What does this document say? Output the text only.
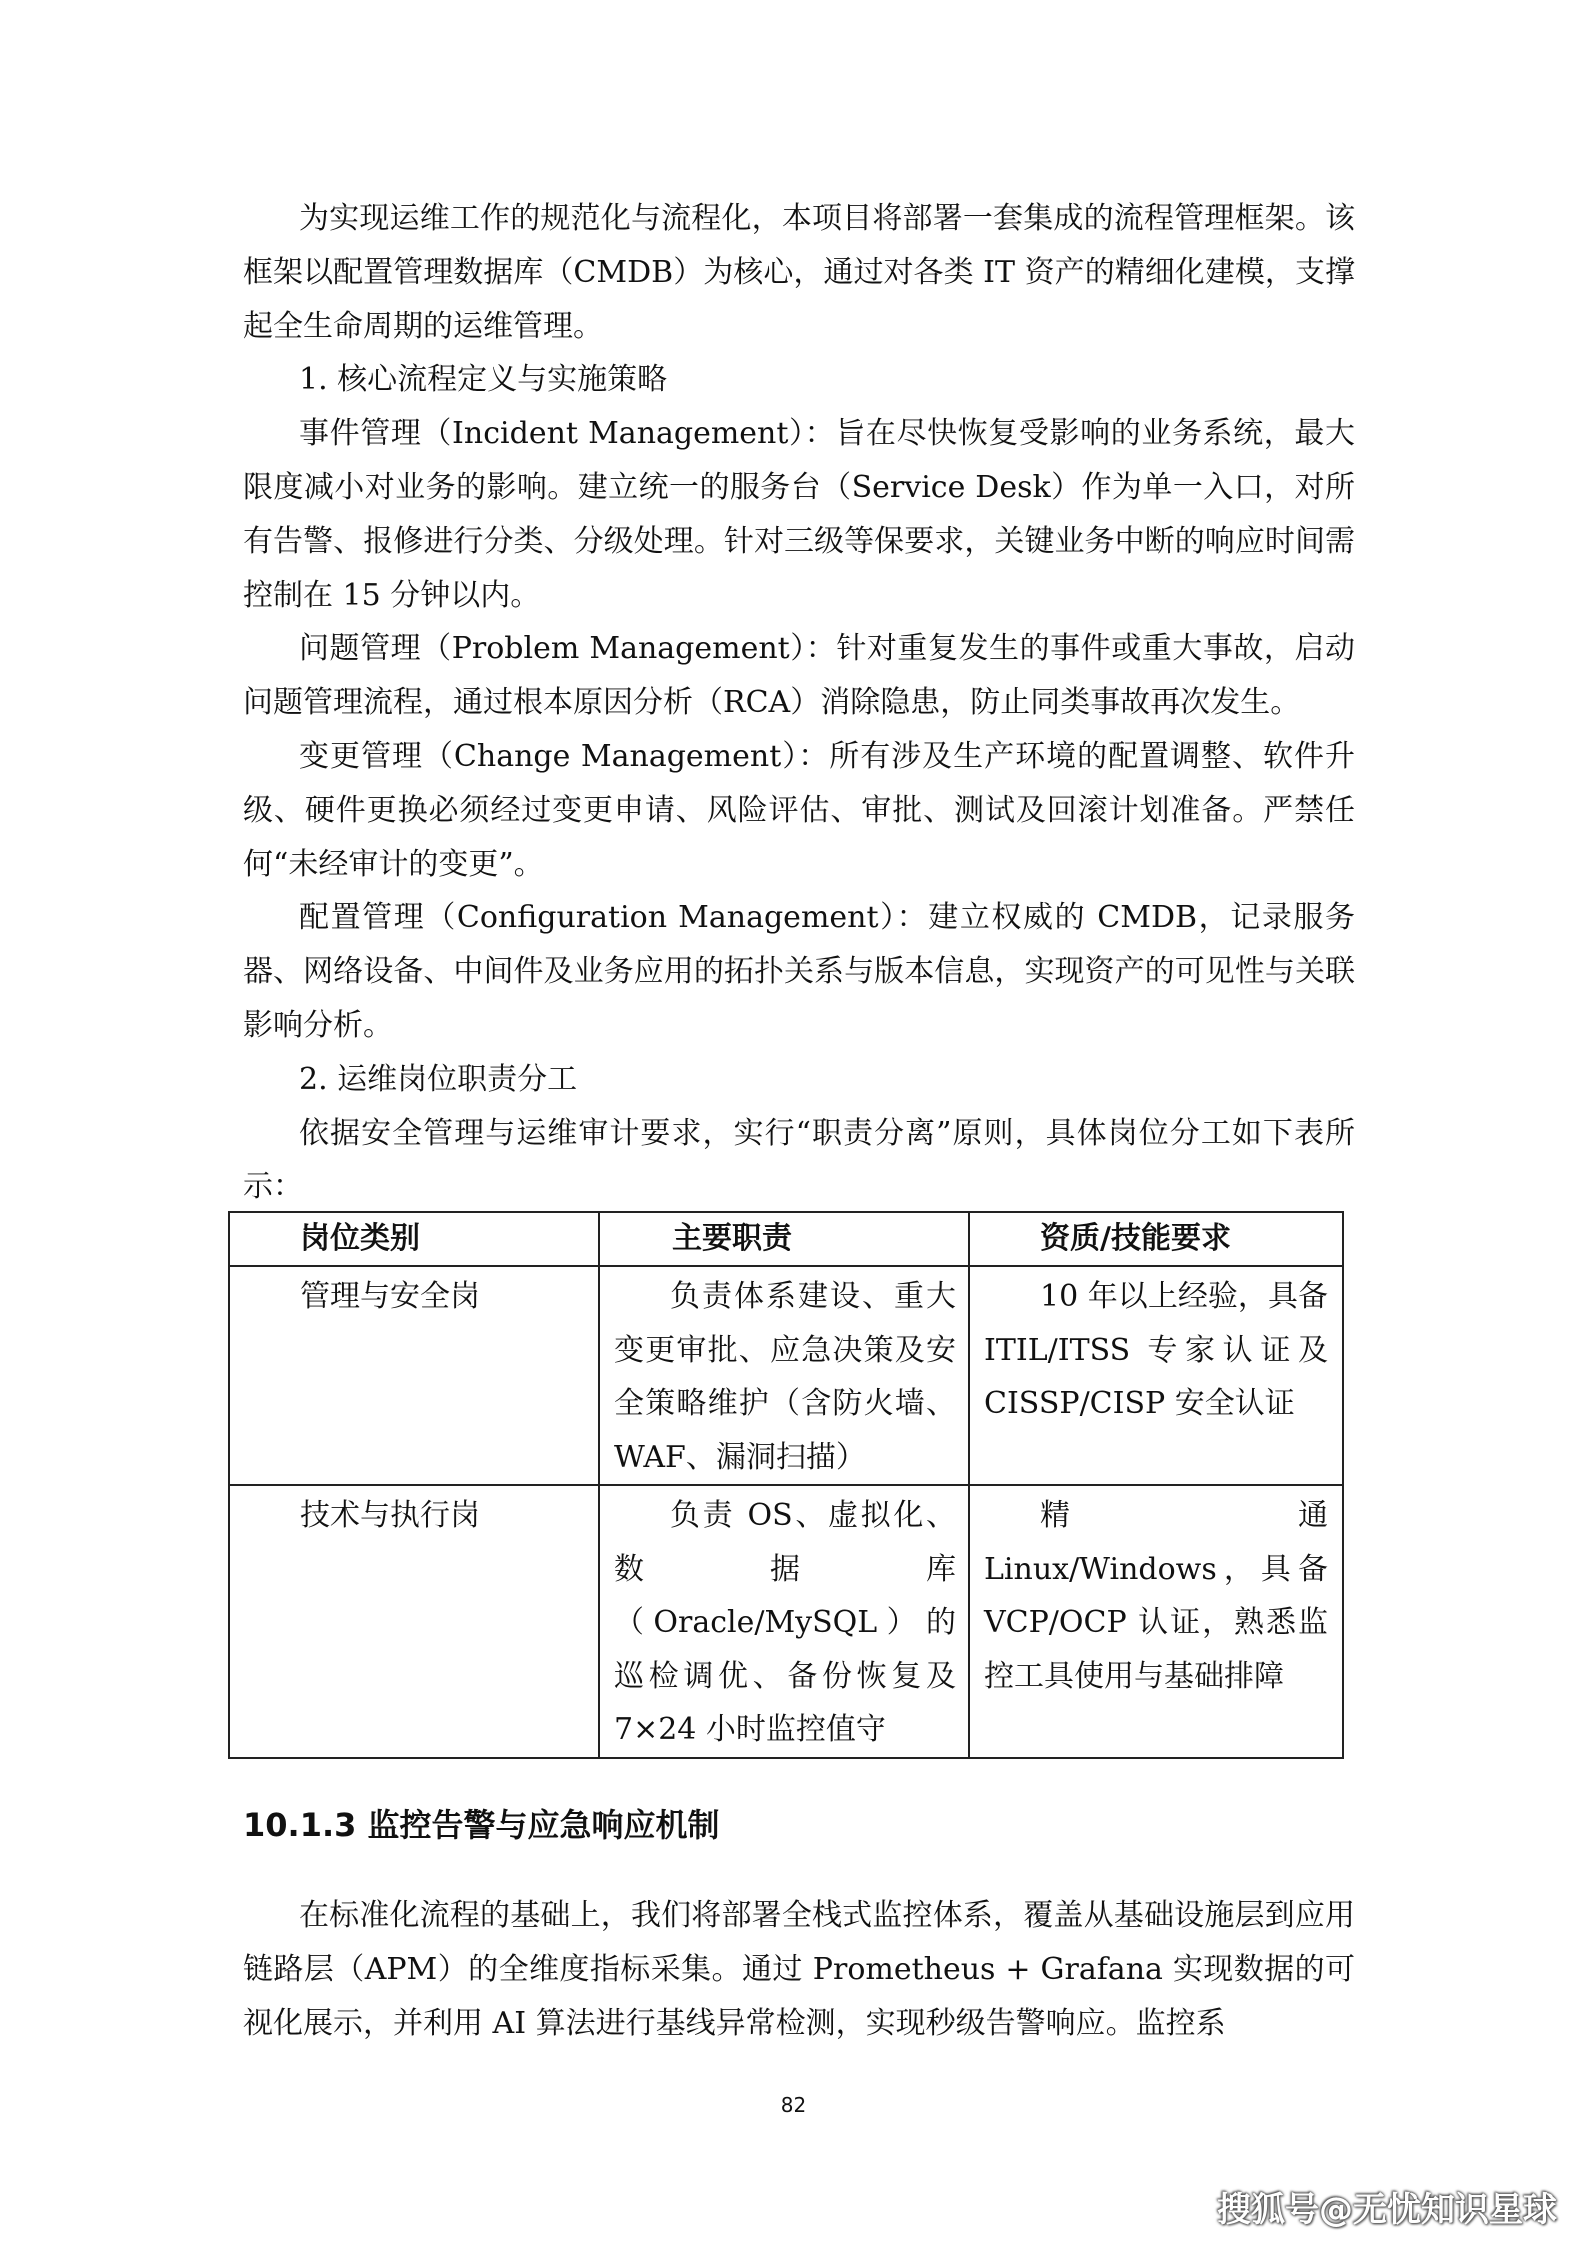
为实现运维工作的规范化与流程化，本项目将部署一套集成的流程管理框架。该框架以配置管理数据库（CMDB）为核心，通过对各类 IT 资产的精细化建模，支撑起全生命周期的运维管理。

1. 核心流程定义与实施策略

事件管理（Incident Management）：旨在尽快恢复受影响的业务系统，最大限度减小对业务的影响。建立统一的服务台（Service Desk）作为单一入口，对所有告警、报修进行分类、分级处理。针对三级等保要求，关键业务中断的响应时间需控制在 15 分钟以内。

问题管理（Problem Management）：针对重复发生的事件或重大事故，启动问题管理流程，通过根本原因分析（RCA）消除隐患，防止同类事故再次发生。

变更管理（Change Management）：所有涉及生产环境的配置调整、软件升级、硬件更换必须经过变更申请、风险评估、审批、测试及回滚计划准备。严禁任何“未经审计的变更”。

配置管理（Configuration Management）：建立权威的 CMDB，记录服务器、网络设备、中间件及业务应用的拓扑关系与版本信息，实现资产的可见性与关联影响分析。

2. 运维岗位职责分工

依据安全管理与运维审计要求，实行“职责分离”原则，具体岗位分工如下表所示：

岗位类别	主要职责	资质/技能要求
管理与安全岗	负责体系建设、重大变更审批、应急决策及安全策略维护（含防火墙、WAF、漏洞扫描）	10 年以上经验，具备 ITIL/ITSS 专家认证及 CISSP/CISP 安全认证
技术与执行岗	负责 OS、虚拟化、数据库（Oracle/MySQL）的巡检调优、备份恢复及 7×24 小时监控值守	精通 Linux/Windows，具备 VCP/OCP 认证，熟悉监控工具使用与基础排障
10.1.3 监控告警与应急响应机制

在标准化流程的基础上，我们将部署全栈式监控体系，覆盖从基础设施层到应用链路层（APM）的全维度指标采集。通过 Prometheus + Grafana 实现数据的可视化展示，并利用 AI 算法进行基线异常检测，实现秒级告警响应。监控系

82
搜狐号@无忧知识星球
